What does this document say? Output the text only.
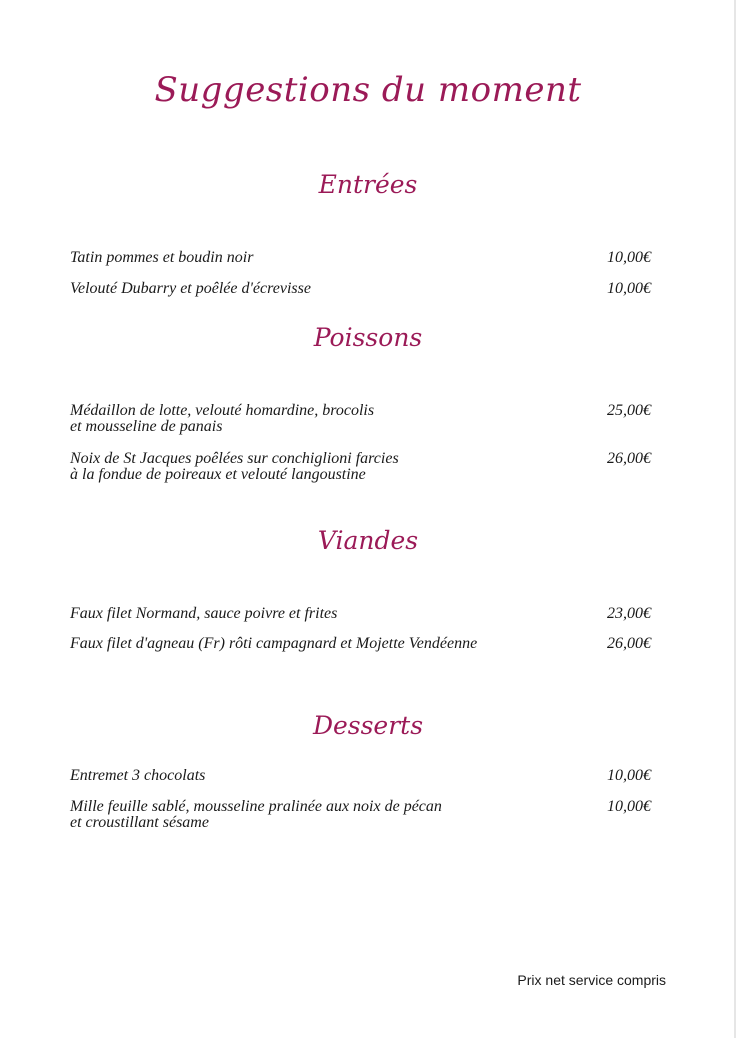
Suggestions du moment
Entrées
Tatin pommes et boudin noir	10,00€
Velouté Dubarry et poêlée d'écrevisse	10,00€
Poissons
Médaillon de lotte, velouté homardine, brocolis
et mousseline de panais
25,00€
Noix de St Jacques poêlées sur conchiglioni farcies
à la fondue de poireaux et velouté langoustine
26,00€
Viandes
Faux filet Normand, sauce poivre et frites	23,00€
Faux filet d'agneau (Fr) rôti campagnard et Mojette Vendéenne	26,00€
Desserts
Entremet 3 chocolats	10,00€
Mille feuille sablé, mousseline pralinée aux noix de pécan
et croustillant sésame
10,00€
Prix net service compris
